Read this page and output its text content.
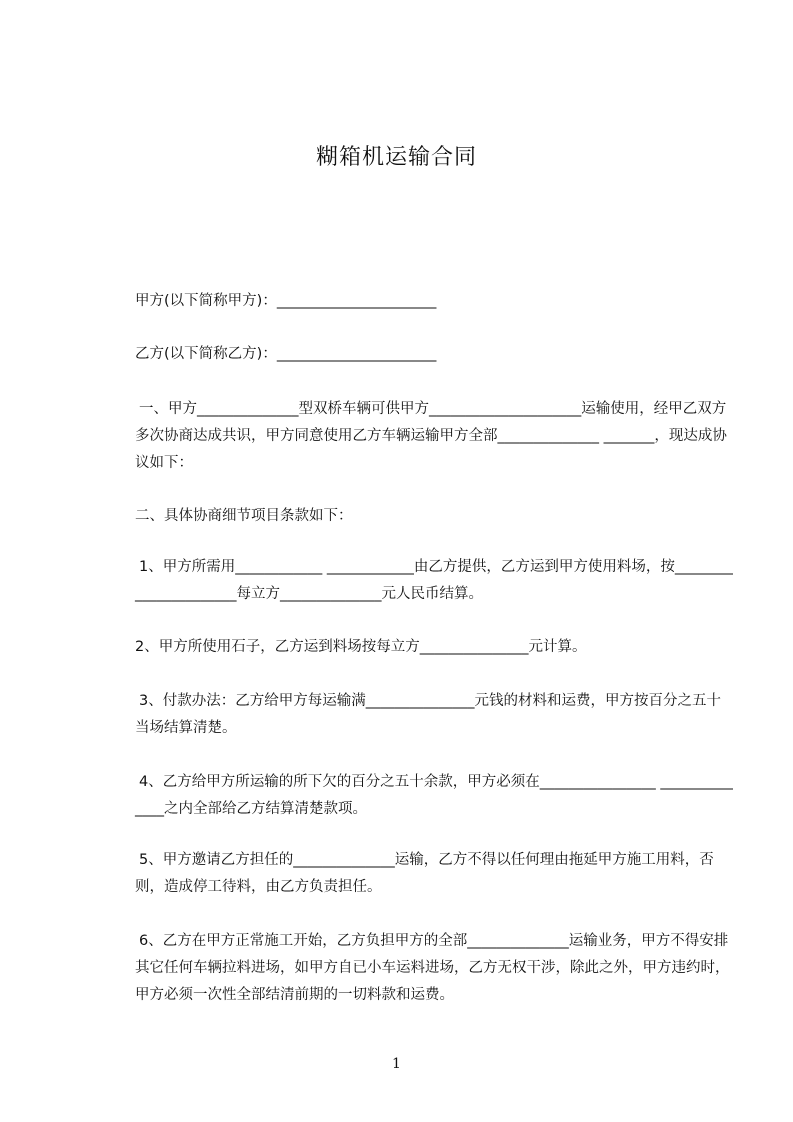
糊箱机运输合同

甲方(以下简称甲方)：______________________

乙方(以下简称乙方)：______________________

一、甲方______________型双桥车辆可供甲方_____________________运输使用，经甲乙双方多次协商达成共识，甲方同意使用乙方车辆运输甲方全部______________ _______，现达成协议如下：

二、具体协商细节项目条款如下：

1、甲方所需用____________ ____________由乙方提供，乙方运到甲方使用料场，按______________________每立方______________元人民币结算。

2、甲方所使用石子，乙方运到料场按每立方_______________元计算。

3、付款办法：乙方给甲方每运输满_______________元钱的材料和运费，甲方按百分之五十当场结算清楚。

4、乙方给甲方所运输的所下欠的百分之五十余款，甲方必须在________________ ______________之内全部给乙方结算清楚款项。

5、甲方邀请乙方担任的______________运输，乙方不得以任何理由拖延甲方施工用料，否则，造成停工待料，由乙方负责担任。

6、乙方在甲方正常施工开始，乙方负担甲方的全部______________运输业务，甲方不得安排其它任何车辆拉料进场，如甲方自已小车运料进场，乙方无权干涉，除此之外，甲方违约时，甲方必须一次性全部结清前期的一切料款和运费。

1
